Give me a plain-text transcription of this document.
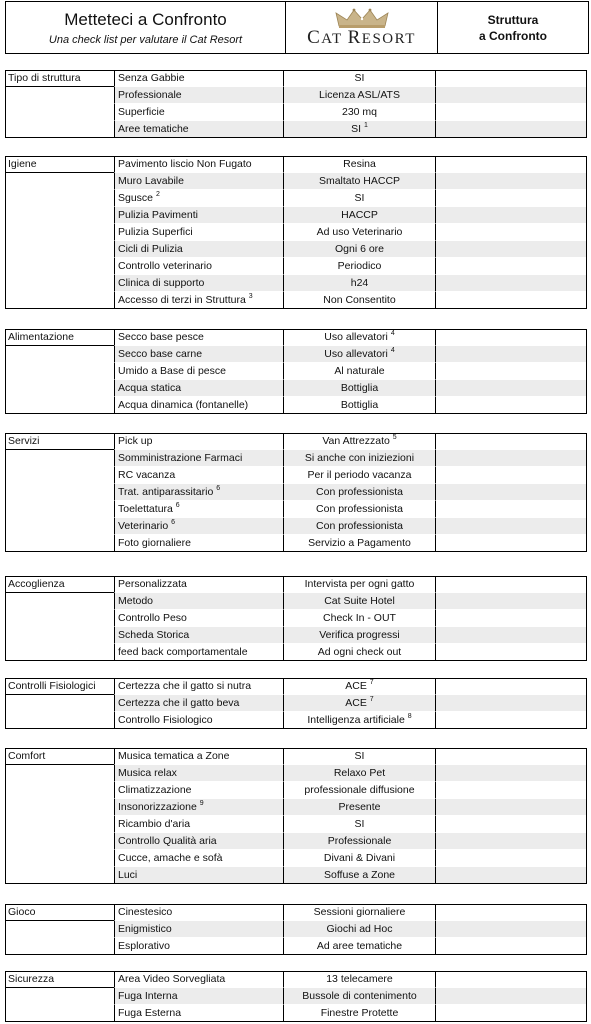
Metteteci a Confronto
Una check list per valutare il Cat Resort	CAT RESORT
Struttura
a Confronto
Tipo di struttura	Senza Gabbie	SI
Professionale	Licenza ASL/ATS
Superficie	230 mq
Aree tematiche	SI $^1$
Igiene	Pavimento liscio Non Fugato	Resina
Muro Lavabile	Smaltato HACCP
Sgusce $^2$	SI
Pulizia Pavimenti	HACCP
Pulizia Superfici	Ad uso Veterinario
Cicli di Pulizia	Ogni 6 ore
Controllo veterinario	Periodico
Clinica di supporto	h24
Accesso di terzi in Struttura $^3$	Non Consentito
Alimentazione	Secco base pesce	Uso allevatori $^4$
Secco base carne	Uso allevatori $^4$
Umido a Base di pesce	Al naturale
Acqua statica	Bottiglia
Acqua dinamica (fontanelle)	Bottiglia
Servizi	Pick up	Van Attrezzato $^5$
Somministrazione Farmaci	Si anche con iniziezioni
RC vacanza	Per il periodo vacanza
Trat. antiparassitario $^6$	Con professionista
Toelettatura $^6$	Con professionista
Veterinario $^6$	Con professionista
Foto giornaliere	Servizio a Pagamento
Accoglienza	Personalizzata	Intervista per ogni gatto
Metodo	Cat Suite Hotel
Controllo Peso	Check In - OUT
Scheda Storica	Verifica progressi
feed back comportamentale	Ad ogni check out
Controlli Fisiologici	Certezza che il gatto si nutra	ACE $^7$
Certezza che il gatto beva	ACE $^7$
Controllo Fisiologico	Intelligenza artificiale $^8$
Comfort	Musica tematica a Zone	SI
Musica relax	Relaxo Pet
Climatizzazione	professionale diffusione
Insonorizzazione $^9$	Presente
Ricambio d'aria	SI
Controllo Qualità aria	Professionale
Cucce, amache e sofà	Divani & Divani
Luci	Soffuse a Zone
Gioco	Cinestesico	Sessioni giornaliere
Enigmistico	Giochi ad Hoc
Esplorativo	Ad aree tematiche
Sicurezza	Area Video Sorvegliata	13 telecamere
Fuga Interna	Bussole di contenimento
Fuga Esterna	Finestre Protette
